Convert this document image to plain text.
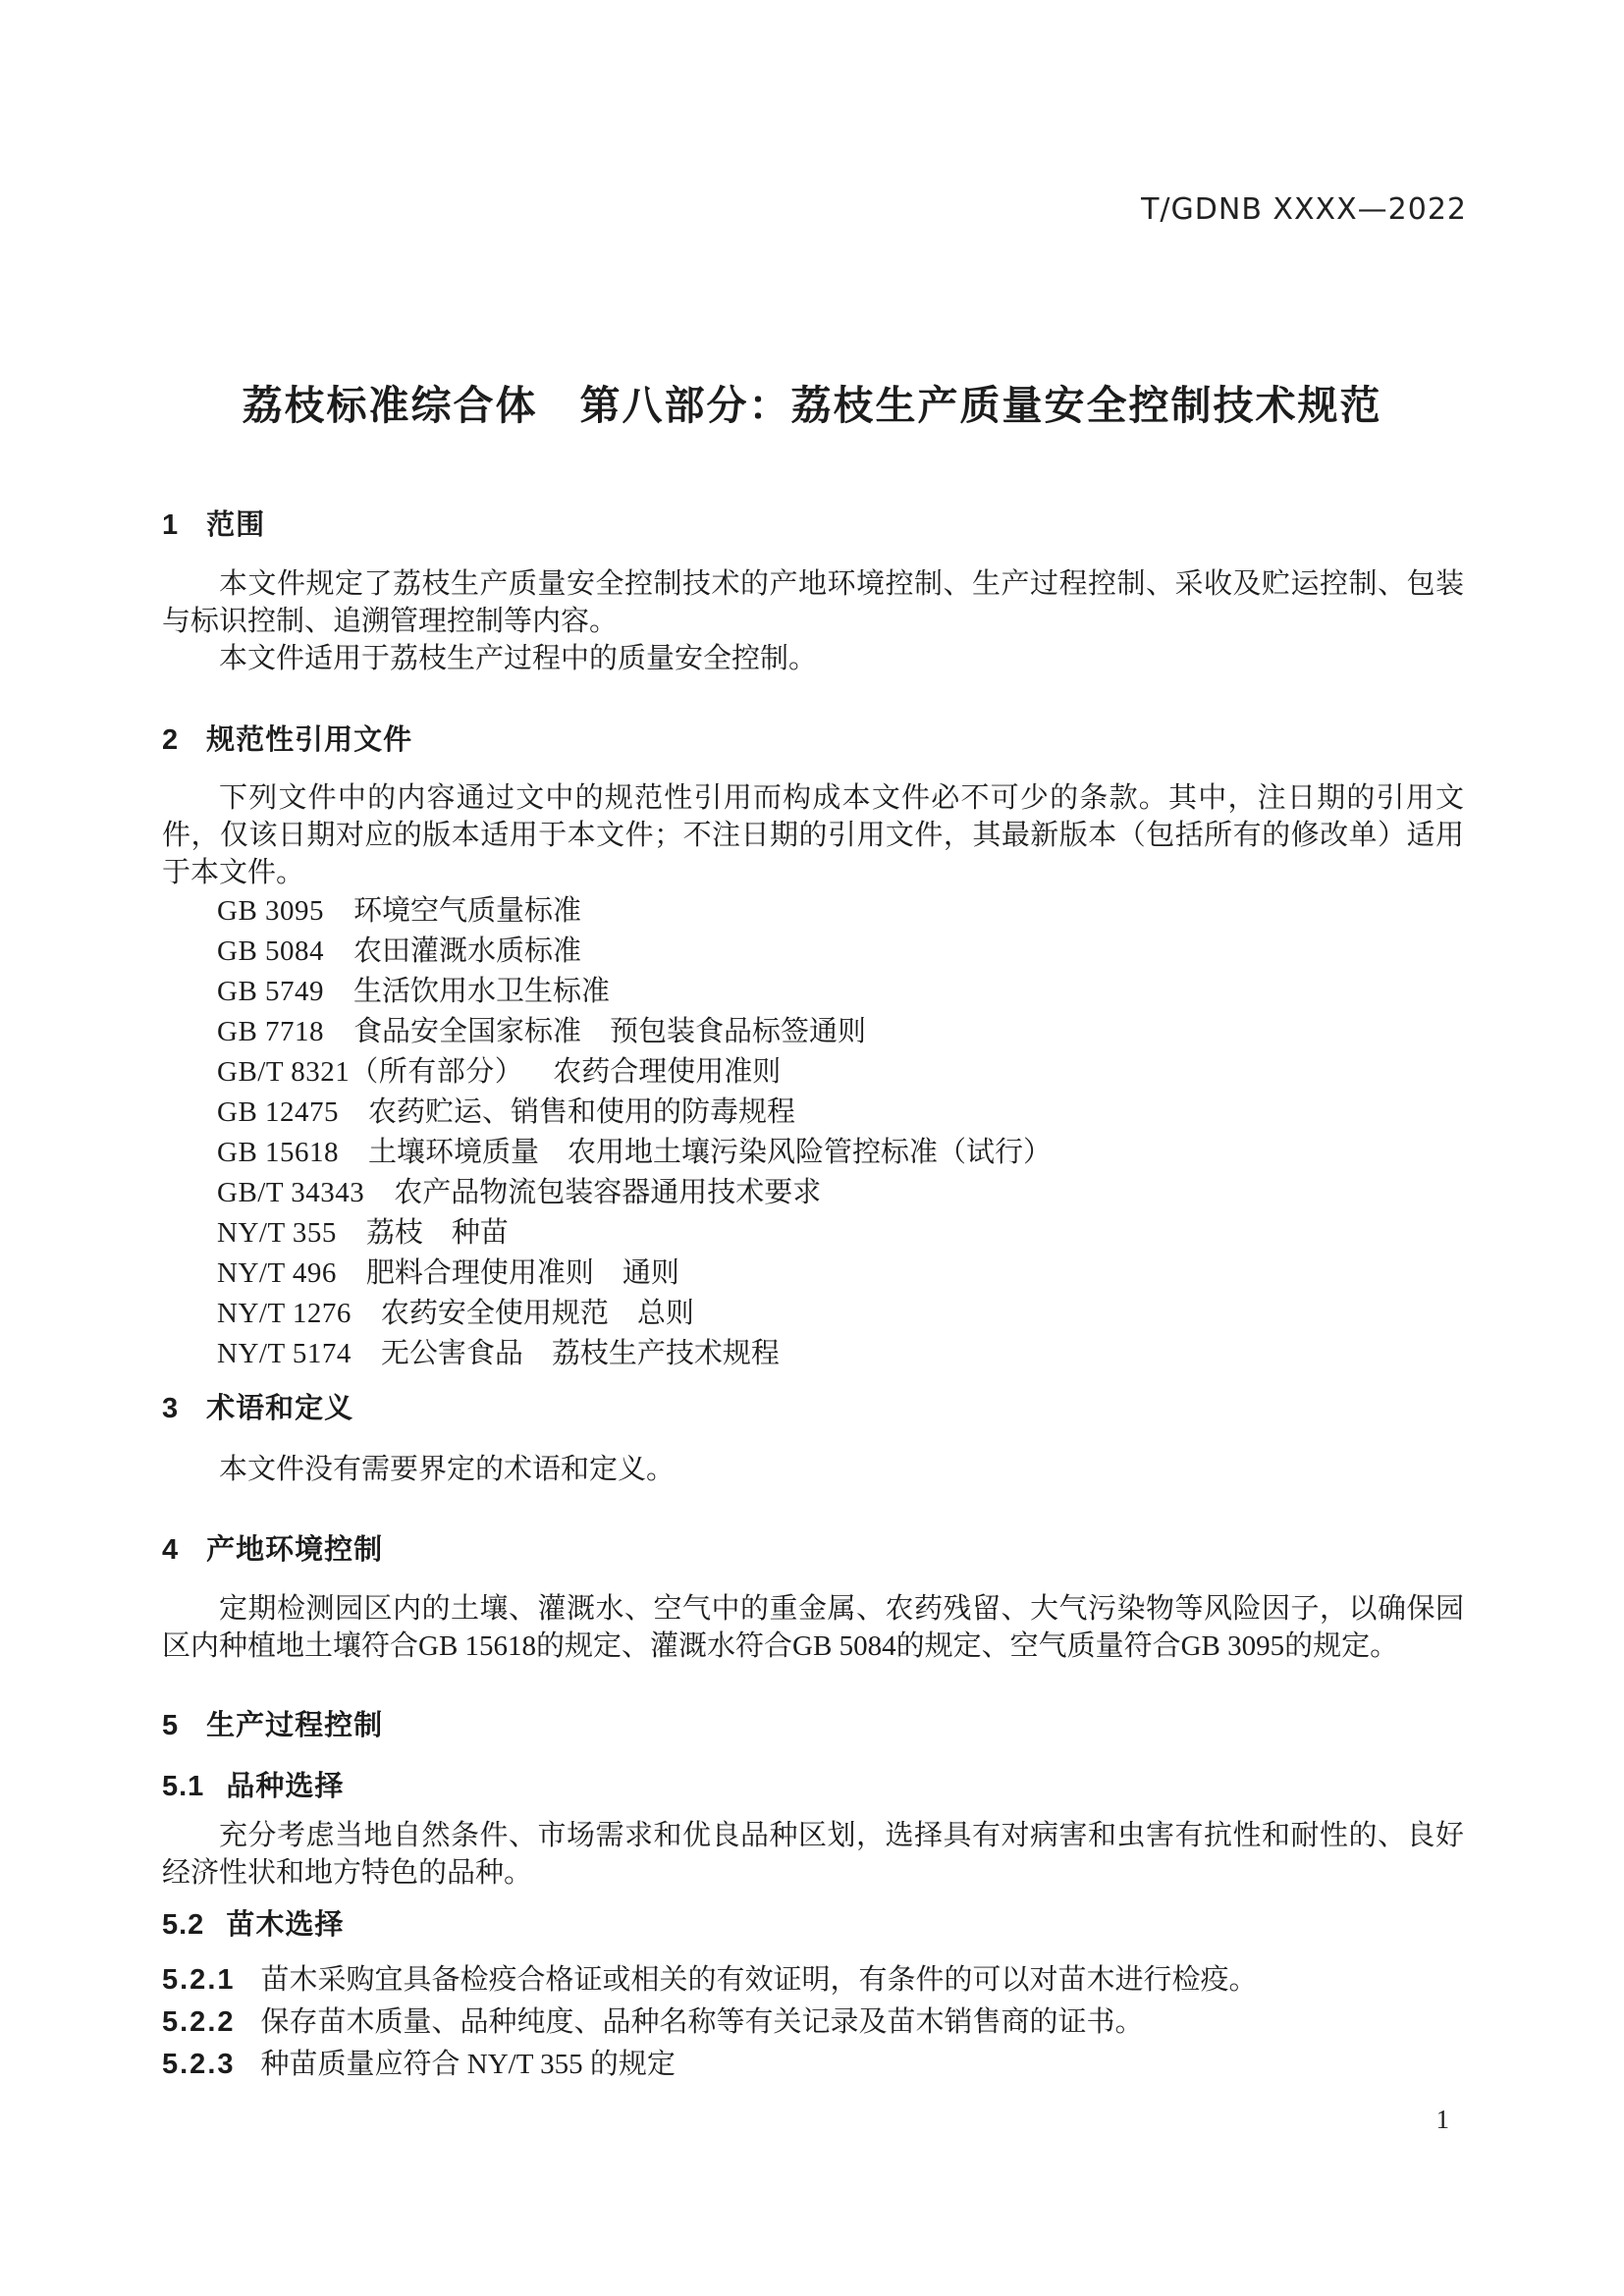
T/GDNB XXXX—2022
荔枝标准综合体　第八部分：荔枝生产质量安全控制技术规范
1 范围

本文件规定了荔枝生产质量安全控制技术的产地环境控制、生产过程控制、采收及贮运控制、包装与标识控制、追溯管理控制等内容。

本文件适用于荔枝生产过程中的质量安全控制。

2 规范性引用文件

下列文件中的内容通过文中的规范性引用而构成本文件必不可少的条款。其中，注日期的引用文件，仅该日期对应的版本适用于本文件；不注日期的引用文件，其最新版本（包括所有的修改单）适用于本文件。

GB 3095 环境空气质量标准
GB 5084 农田灌溉水质标准
GB 5749 生活饮用水卫生标准
GB 7718 食品安全国家标准　预包装食品标签通则
GB/T 8321（所有部分） 农药合理使用准则
GB 12475 农药贮运、销售和使用的防毒规程
GB 15618 土壤环境质量　农用地土壤污染风险管控标准（试行）
GB/T 34343 农产品物流包装容器通用技术要求
NY/T 355 荔枝　种苗
NY/T 496 肥料合理使用准则　通则
NY/T 1276 农药安全使用规范　总则
NY/T 5174 无公害食品　荔枝生产技术规程
3 术语和定义

本文件没有需要界定的术语和定义。

4 产地环境控制

定期检测园区内的土壤、灌溉水、空气中的重金属、农药残留、大气污染物等风险因子，以确保园区内种植地土壤符合GB 15618的规定、灌溉水符合GB 5084的规定、空气质量符合GB 3095的规定。

5 生产过程控制
5.1 品种选择

充分考虑当地自然条件、市场需求和优良品种区划，选择具有对病害和虫害有抗性和耐性的、良好经济性状和地方特色的品种。

5.2 苗木选择
5.2.1 苗木采购宜具备检疫合格证或相关的有效证明，有条件的可以对苗木进行检疫。
5.2.2 保存苗木质量、品种纯度、品种名称等有关记录及苗木销售商的证书。
5.2.3 种苗质量应符合 NY/T 355 的规定
1
